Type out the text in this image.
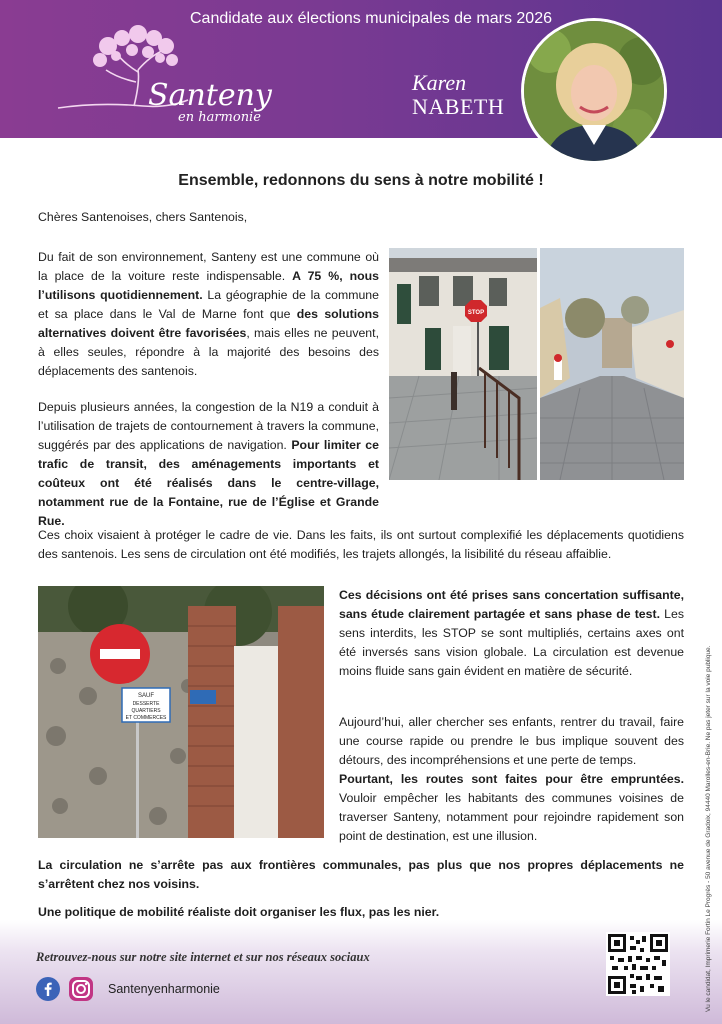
Candidate aux élections municipales de mars 2026
Santeny
en harmonie
Karen
NABETH
Ensemble, redonnons du sens à notre mobilité !

Chères Santenoises, chers Santenois,

Du fait de son environnement, Santeny est une commune où la place de la voiture reste indispensable. A 75 %, nous l’utilisons quotidiennement. La géographie de la commune et sa place dans le Val de Marne font que des solutions alternatives doivent être favorisées, mais elles ne peuvent, à elles seules, répondre à la majorité des besoins des déplacements des santenois.

Depuis plusieurs années, la congestion de la N19 a conduit à l’utilisation de trajets de contournement à travers la commune, suggérés par des applications de navigation. Pour limiter ce trafic de transit, des aménagements importants et coûteux ont été réalisés dans le centre-village, notamment rue de la Fontaine, rue de l’Église et Grande Rue.

Ces choix visaient à protéger le cadre de vie. Dans les faits, ils ont surtout complexifié les déplacements quotidiens des santenois. Les sens de circulation ont été modifiés, les trajets allongés, la lisibilité du réseau affaiblie.

Ces décisions ont été prises sans concertation suffisante, sans étude clairement partagée et sans phase de test. Les sens interdits, les STOP se sont multipliés, certains axes ont été inversés sans vision globale. La circulation est devenue moins fluide sans gain évident en matière de sécurité.

Aujourd’hui, aller chercher ses enfants, rentrer du travail, faire une course rapide ou prendre le bus implique souvent des détours, des incompréhensions et une perte de temps.

Pourtant, les routes sont faites pour être empruntées. Vouloir empêcher les habitants des communes voisines de traverser Santeny, notamment pour rejoindre rapidement son point de destination, est une illusion.

La circulation ne s’arrête pas aux frontières communales, pas plus que nos propres déplacements ne s’arrêtent chez nos voisins.

Une politique de mobilité réaliste doit organiser les flux, pas les nier.

STOP
SAUF
DESSERTE
QUARTIERS
ET COMMERCES
Retrouvez-nous sur notre site internet et sur nos réseaux sociaux
Santenyenharmonie	Vu le candidat, Imprimerie Fortin Le Progrès - 50 avenue de Gradoix, 94440 Marolles-en-Brie. Ne pas jeter sur la voie publique.
